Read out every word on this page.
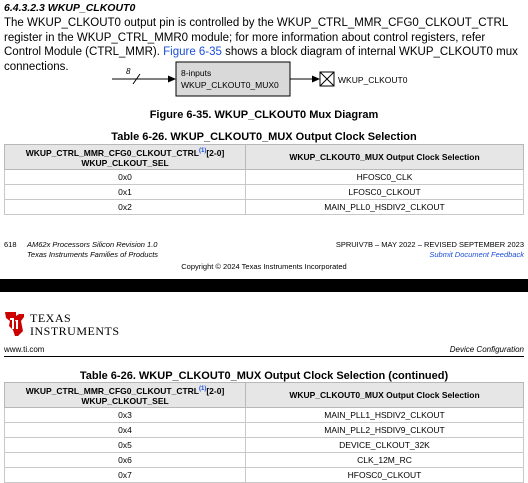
6.4.3.2.3 WKUP_CLKOUT0
The WKUP_CLKOUT0 output pin is controlled by the WKUP_CTRL_MMR_CFG0_CLKOUT_CTRL register in the WKUP_CTRL_MMR0 module; for more information about control registers, refer Control Module (CTRL_MMR). Figure 6-35 shows a block diagram of internal WKUP_CLKOUT0 mux connections.	8	8-inputs
WKUP_CLKOUT0_MUX0	WKUP_CLKOUT0
Figure 6-35. WKUP_CLKOUT0 Mux Diagram
Table 6-26. WKUP_CLKOUT0_MUX Output Clock Selection
WKUP_CTRL_MMR_CFG0_CLKOUT_CTRL$^{(1)}$[2-0]
WKUP_CLKOUT_SEL	WKUP_CLKOUT0_MUX Output Clock Selection
0x0	HFOSC0_CLK
0x1	LFOSC0_CLKOUT
0x2	MAIN_PLL0_HSDIV2_CLKOUT
618 AM62x Processors Silicon Revision 1.0
Texas Instruments Families of Products
SPRUIV7B – MAY 2022 – REVISED SEPTEMBER 2023
Submit Document Feedback
Copyright © 2024 Texas Instruments Incorporated
TEXAS
INSTRUMENTS
www.ti.com	Device Configuration
Table 6-26. WKUP_CLKOUT0_MUX Output Clock Selection (continued)
WKUP_CTRL_MMR_CFG0_CLKOUT_CTRL$^{(1)}$[2-0]
WKUP_CLKOUT_SEL	WKUP_CLKOUT0_MUX Output Clock Selection
0x3	MAIN_PLL1_HSDIV2_CLKOUT
0x4	MAIN_PLL2_HSDIV9_CLKOUT
0x5	DEVICE_CLKOUT_32K
0x6	CLK_12M_RC
0x7	HFOSC0_CLKOUT
